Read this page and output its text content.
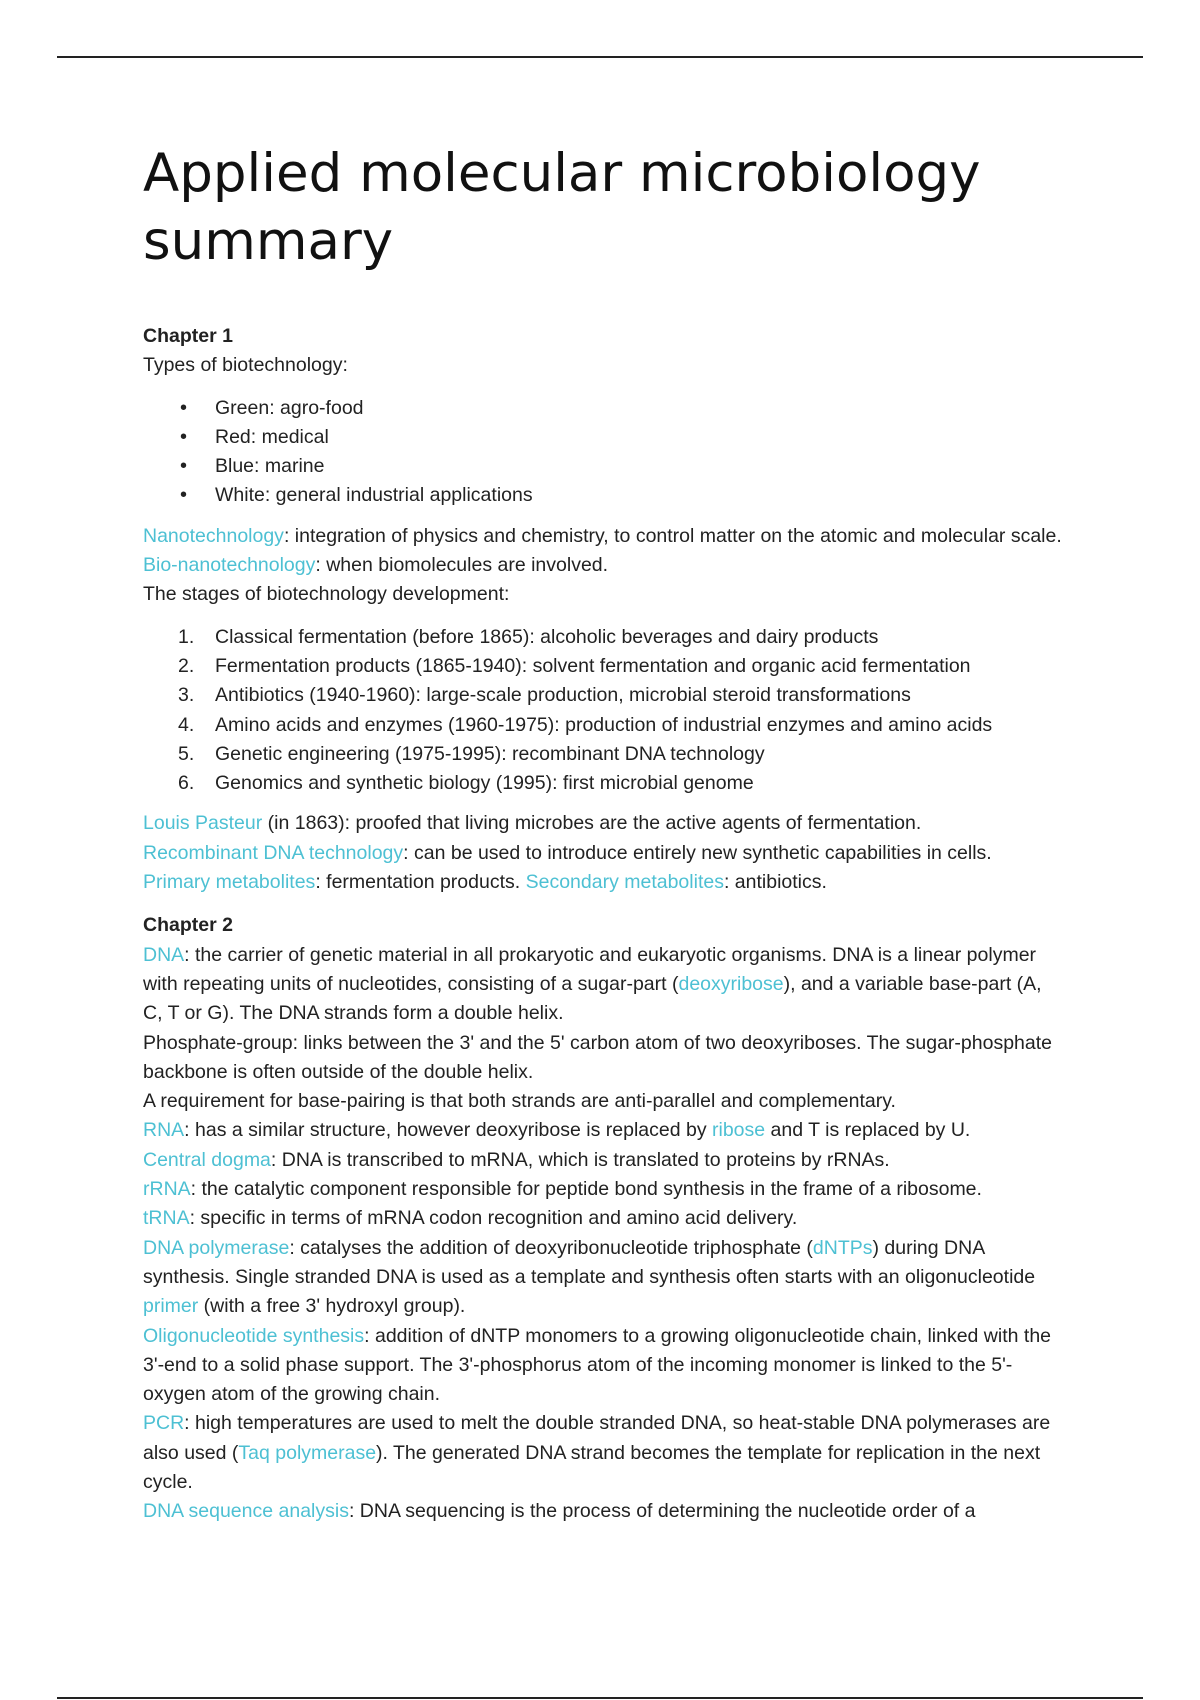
Applied molecular microbiology summary

Chapter 1

Types of biotechnology:

• Green: agro-food
• Red: medical
• Blue: marine
• White: general industrial applications

Nanotechnology: integration of physics and chemistry, to control matter on the atomic and molecular scale. Bio-nanotechnology: when biomolecules are involved.

The stages of biotechnology development:

1. Classical fermentation (before 1865): alcoholic beverages and dairy products
2. Fermentation products (1865-1940): solvent fermentation and organic acid fermentation
3. Antibiotics (1940-1960): large-scale production, microbial steroid transformations
4. Amino acids and enzymes (1960-1975): production of industrial enzymes and amino acids
5. Genetic engineering (1975-1995): recombinant DNA technology
6. Genomics and synthetic biology (1995): first microbial genome

Louis Pasteur (in 1863): proofed that living microbes are the active agents of fermentation.

Recombinant DNA technology: can be used to introduce entirely new synthetic capabilities in cells.

Primary metabolites: fermentation products. Secondary metabolites: antibiotics.

Chapter 2

DNA: the carrier of genetic material in all prokaryotic and eukaryotic organisms. DNA is a linear polymer with repeating units of nucleotides, consisting of a sugar-part (deoxyribose), and a variable base-part (A, C, T or G). The DNA strands form a double helix.

Phosphate-group: links between the 3' and the 5' carbon atom of two deoxyriboses. The sugar-phosphate backbone is often outside of the double helix.

A requirement for base-pairing is that both strands are anti-parallel and complementary.

RNA: has a similar structure, however deoxyribose is replaced by ribose and T is replaced by U.

Central dogma: DNA is transcribed to mRNA, which is translated to proteins by rRNAs.

rRNA: the catalytic component responsible for peptide bond synthesis in the frame of a ribosome.

tRNA: specific in terms of mRNA codon recognition and amino acid delivery.

DNA polymerase: catalyses the addition of deoxyribonucleotide triphosphate (dNTPs) during DNA synthesis. Single stranded DNA is used as a template and synthesis often starts with an oligonucleotide primer (with a free 3' hydroxyl group).

Oligonucleotide synthesis: addition of dNTP monomers to a growing oligonucleotide chain, linked with the 3'-end to a solid phase support. The 3'-phosphorus atom of the incoming monomer is linked to the 5'-oxygen atom of the growing chain.

PCR: high temperatures are used to melt the double stranded DNA, so heat-stable DNA polymerases are also used (Taq polymerase). The generated DNA strand becomes the template for replication in the next cycle.

DNA sequence analysis: DNA sequencing is the process of determining the nucleotide order of a
